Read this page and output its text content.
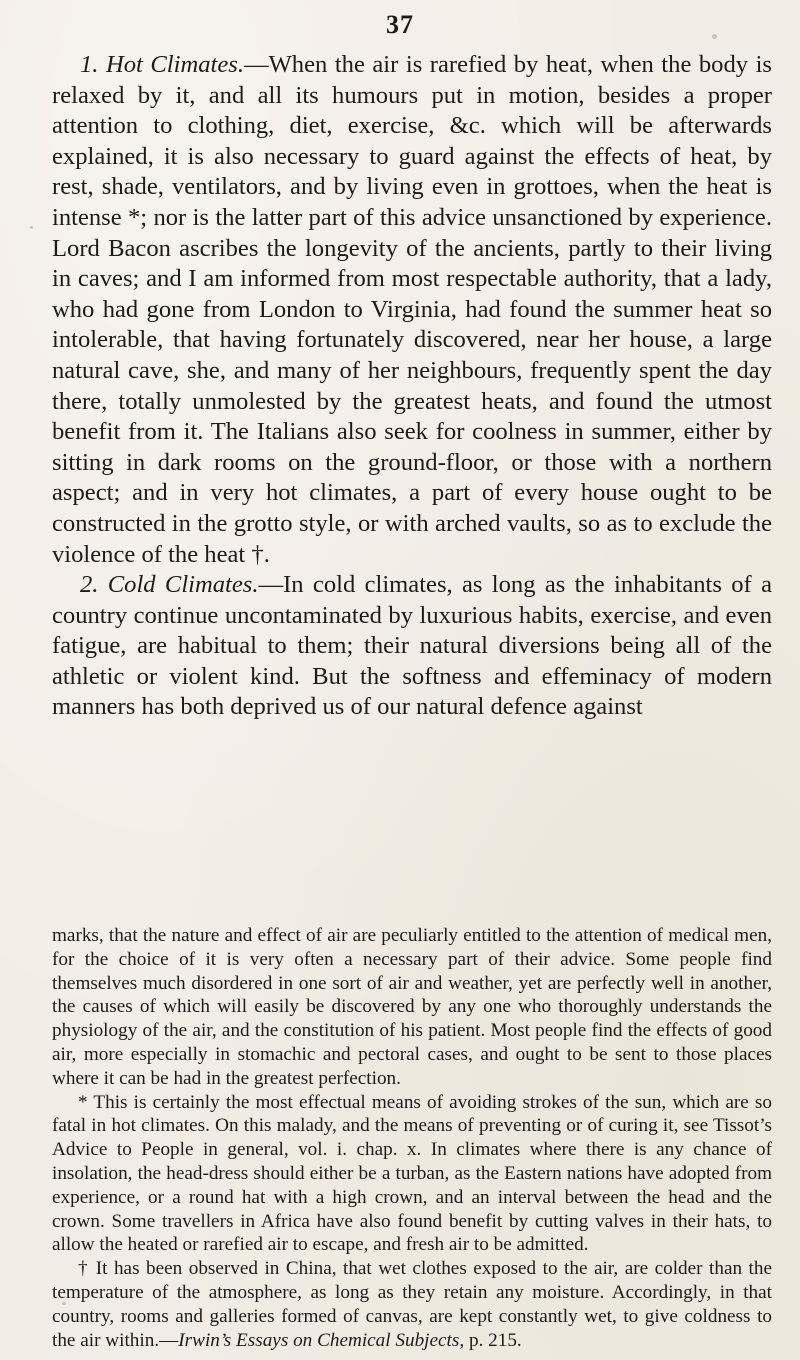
37

1. Hot Climates.—When the air is rarefied by heat, when the body is relaxed by it, and all its humours put in motion, besides a proper attention to clothing, diet, exercise, &c. which will be afterwards explained, it is also necessary to guard against the effects of heat, by rest, shade, ventilators, and by living even in grottoes, when the heat is intense *; nor is the latter part of this advice unsanctioned by experience. Lord Bacon ascribes the longevity of the ancients, partly to their living in caves; and I am informed from most respectable authority, that a lady, who had gone from London to Virginia, had found the summer heat so intolerable, that having fortunately discovered, near her house, a large natural cave, she, and many of her neighbours, frequently spent the day there, totally unmolested by the greatest heats, and found the utmost benefit from it. The Italians also seek for coolness in summer, either by sitting in dark rooms on the ground-floor, or those with a northern aspect; and in very hot climates, a part of every house ought to be constructed in the grotto style, or with arched vaults, so as to exclude the violence of the heat †.

2. Cold Climates.—In cold climates, as long as the inhabitants of a country continue uncontaminated by luxurious habits, exercise, and even fatigue, are habitual to them; their natural diversions being all of the athletic or violent kind. But the softness and effeminacy of modern manners has both deprived us of our natural defence against

marks, that the nature and effect of air are peculiarly entitled to the attention of medical men, for the choice of it is very often a necessary part of their advice. Some people find themselves much disordered in one sort of air and weather, yet are perfectly well in another, the causes of which will easily be discovered by any one who thoroughly understands the physiology of the air, and the constitution of his patient. Most people find the effects of good air, more especially in stomachic and pectoral cases, and ought to be sent to those places where it can be had in the greatest perfection.

* This is certainly the most effectual means of avoiding strokes of the sun, which are so fatal in hot climates. On this malady, and the means of preventing or of curing it, see Tissot’s Advice to People in general, vol. i. chap. x. In climates where there is any chance of insolation, the head-dress should either be a turban, as the Eastern nations have adopted from experience, or a round hat with a high crown, and an interval between the head and the crown. Some travellers in Africa have also found benefit by cutting valves in their hats, to allow the heated or rarefied air to escape, and fresh air to be admitted.

† It has been observed in China, that wet clothes exposed to the air, are colder than the temperature of the atmosphere, as long as they retain any moisture. Accordingly, in that country, rooms and galleries formed of canvas, are kept constantly wet, to give coldness to the air within.—Irwin’s Essays on Chemical Subjects, p. 215.
